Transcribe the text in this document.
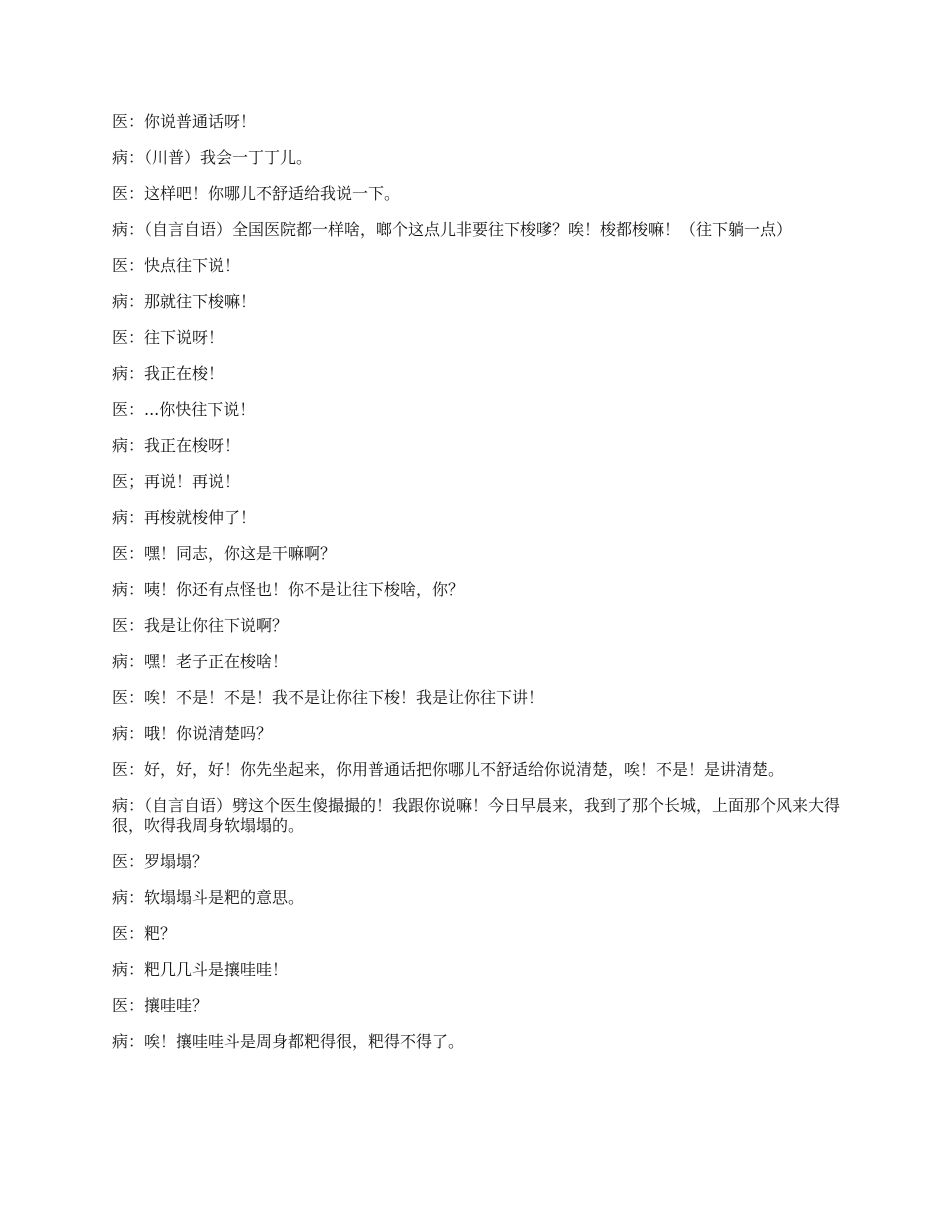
医：你说普通话呀！

病：（川普）我会一丁丁儿。

医：这样吧！你哪儿不舒适给我说一下。

病：（自言自语）全国医院都一样啥，啷个这点儿非要往下梭嗲？唉！梭都梭嘛！（往下躺一点）

医：快点往下说！

病：那就往下梭嘛！

医：往下说呀！

病：我正在梭！

医：...你快往下说！

病：我正在梭呀！

医；再说！再说！

病：再梭就梭伸了！

医：嘿！同志，你这是干嘛啊？

病：咦！你还有点怪也！你不是让往下梭啥，你？

医：我是让你往下说啊？

病：嘿！老子正在梭啥！

医：唉！不是！不是！我不是让你往下梭！我是让你往下讲！

病：哦！你说清楚吗？

医：好，好，好！你先坐起来，你用普通话把你哪儿不舒适给你说清楚，唉！不是！是讲清楚。

病：（自言自语）劈这个医生傻撮撮的！我跟你说嘛！今日早晨来，我到了那个长城，上面那个风来大得很，吹得我周身软塌塌的。

医：罗塌塌？

病：软塌塌斗是粑的意思。

医：粑？

病：粑几几斗是攘哇哇！

医：攘哇哇？

病：唉！攘哇哇斗是周身都粑得很，粑得不得了。
